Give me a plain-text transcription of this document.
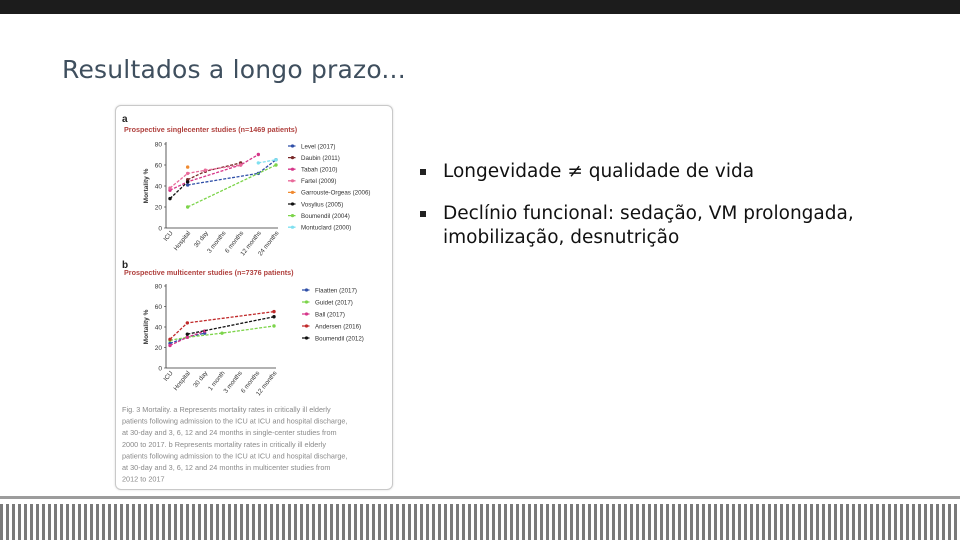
Resultados a longo prazo...
a
Prospective singlecenter studies (n=1469 patients)
b
Prospective multicenter studies (n=7376 patients)
0
20
40
60
80
Mortality %
ICU
Hospital 30 day
3 months
6 months
12 months
24 months
Level (2017)
Daubin (2011)
Tabah (2010)
Fartel (2009)
Garrouste-Orgeas (2006)
Vosylius (2005)
Boumendil (2004)
Montuclard (2000)
0
20
40
60
80
Mortality %
ICU
Hospital 30 day
1 month
3 months
6 months
12 months
Flaatten (2017)
Guidet (2017)
Ball (2017)
Andersen (2016)
Boumendil (2012)
Fig. 3 Mortality. a Represents mortality rates in critically ill elderly
patients following admission to the ICU at ICU and hospital discharge,
at 30-day and 3, 6, 12 and 24 months in single-center studies from
2000 to 2017. b Represents mortality rates in critically ill elderly
patients following admission to the ICU at ICU and hospital discharge,
at 30-day and 3, 6, 12 and 24 months in multicenter studies from
2012 to 2017
Longevidade ≠ qualidade de vida
Declínio funcional: sedação, VM prolongada, imobilização, desnutrição
